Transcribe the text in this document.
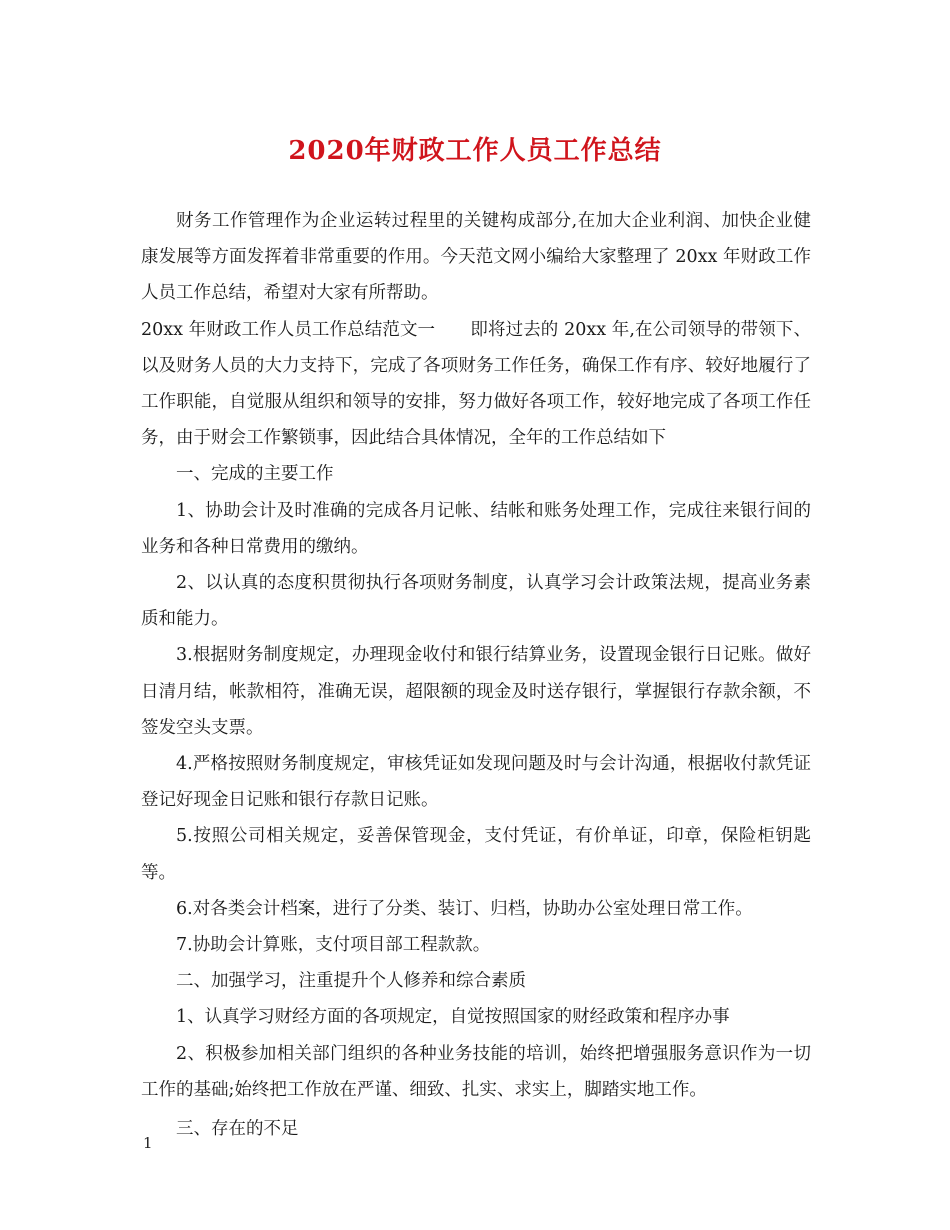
2020年财政工作人员工作总结

财务工作管理作为企业运转过程里的关键构成部分,在加大企业利润、加快企业健康发展等方面发挥着非常重要的作用。今天范文网小编给大家整理了 20xx 年财政工作人员工作总结，希望对大家有所帮助。

20xx 年财政工作人员工作总结范文一　　即将过去的 20xx 年,在公司领导的带领下、以及财务人员的大力支持下，完成了各项财务工作任务，确保工作有序、较好地履行了工作职能，自觉服从组织和领导的安排，努力做好各项工作，较好地完成了各项工作任务，由于财会工作繁锁事，因此结合具体情况，全年的工作总结如下

一、完成的主要工作

1、协助会计及时准确的完成各月记帐、结帐和账务处理工作，完成往来银行间的业务和各种日常费用的缴纳。

2、以认真的态度积贯彻执行各项财务制度，认真学习会计政策法规，提高业务素质和能力。

3.根据财务制度规定，办理现金收付和银行结算业务，设置现金银行日记账。做好日清月结，帐款相符，准确无误，超限额的现金及时送存银行，掌握银行存款余额，不签发空头支票。

4.严格按照财务制度规定，审核凭证如发现问题及时与会计沟通，根据收付款凭证登记好现金日记账和银行存款日记账。

5.按照公司相关规定，妥善保管现金，支付凭证，有价单证，印章，保险柜钥匙等。

6.对各类会计档案，进行了分类、装订、归档，协助办公室处理日常工作。

7.协助会计算账，支付项目部工程款款。

二、加强学习，注重提升个人修养和综合素质

1、认真学习财经方面的各项规定，自觉按照国家的财经政策和程序办事

2、积极参加相关部门组织的各种业务技能的培训，始终把增强服务意识作为一切工作的基础;始终把工作放在严谨、细致、扎实、求实上，脚踏实地工作。

三、存在的不足

1
